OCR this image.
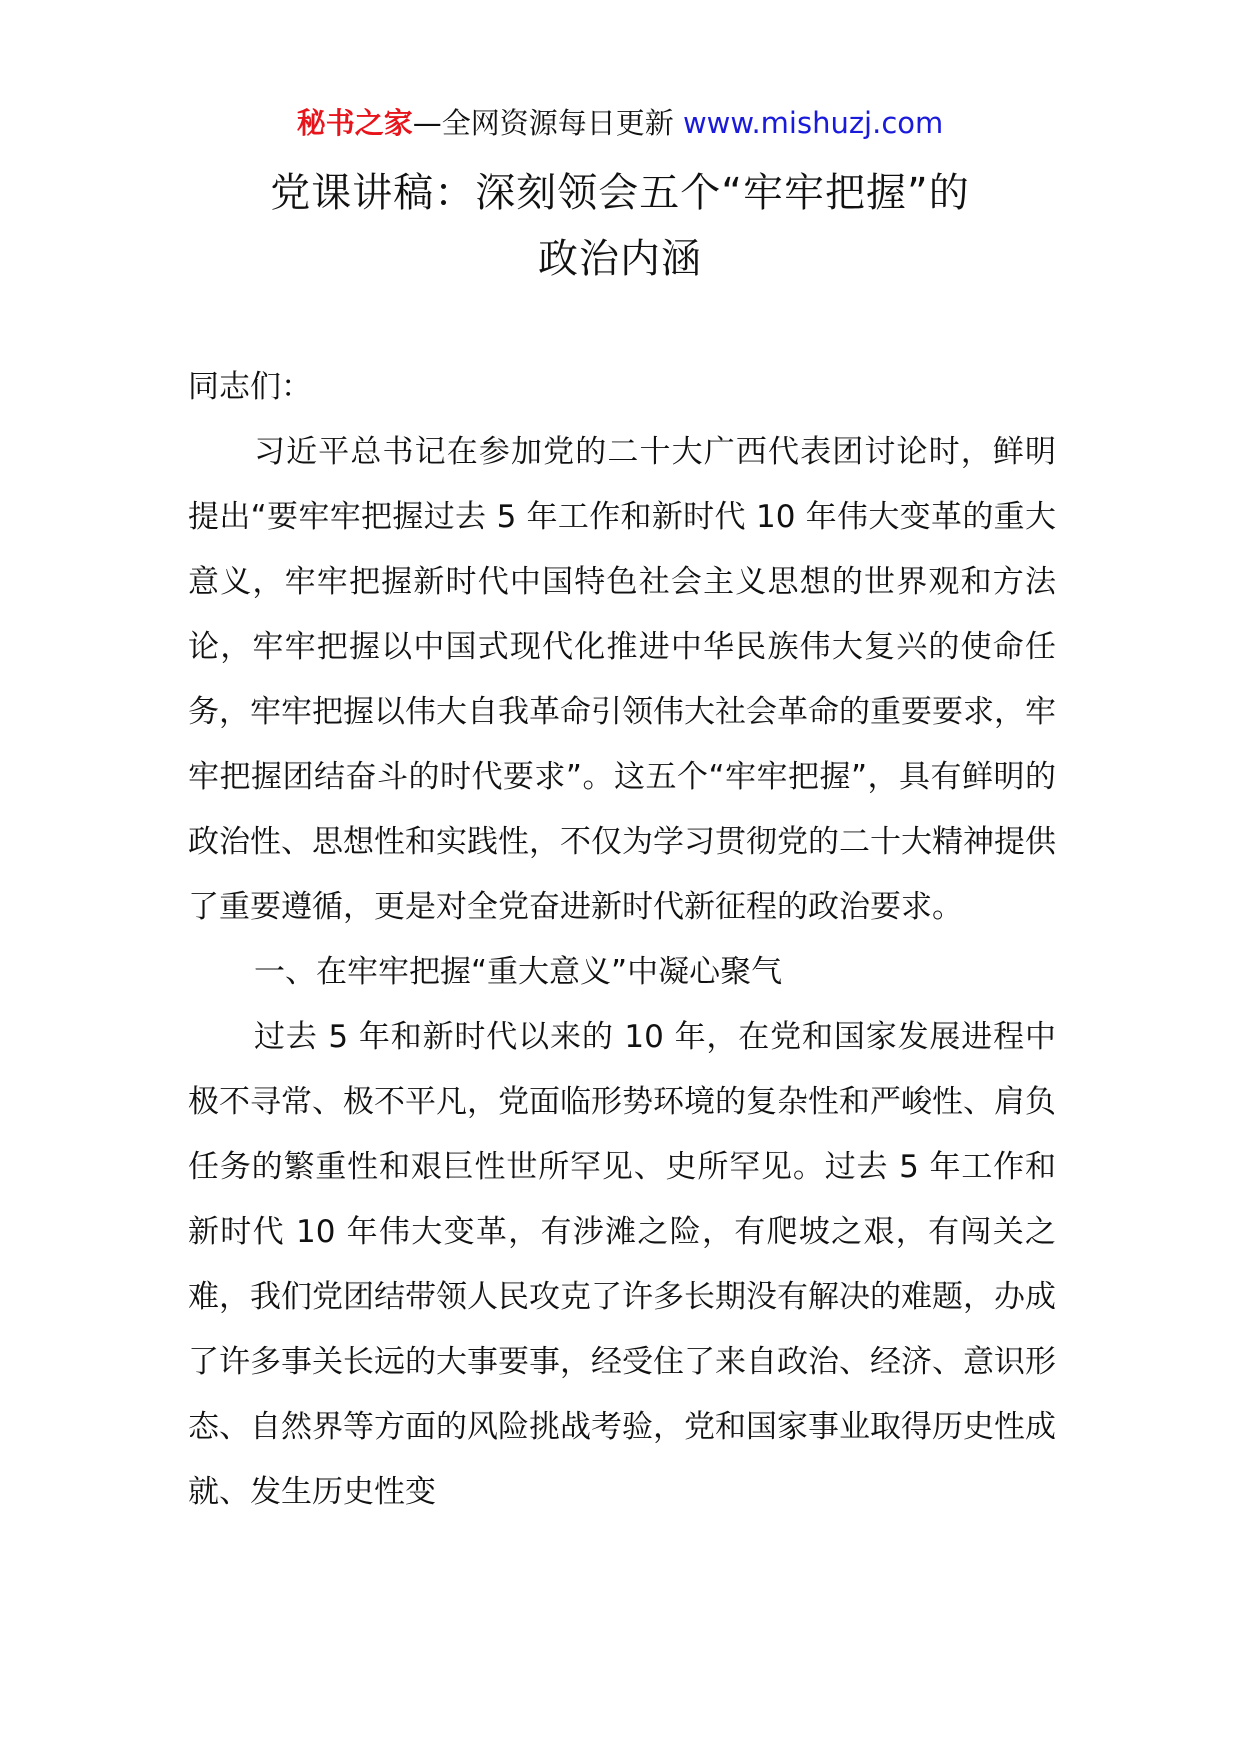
秘书之家—全网资源每日更新 www.mishuzj.com
党课讲稿：深刻领会五个“牢牢把握”的
政治内涵

同志们：

习近平总书记在参加党的二十大广西代表团讨论时，鲜明提出“要牢牢把握过去 5 年工作和新时代 10 年伟大变革的重大意义，牢牢把握新时代中国特色社会主义思想的世界观和方法论，牢牢把握以中国式现代化推进中华民族伟大复兴的使命任务，牢牢把握以伟大自我革命引领伟大社会革命的重要要求，牢牢把握团结奋斗的时代要求”。这五个“牢牢把握”，具有鲜明的政治性、思想性和实践性，不仅为学习贯彻党的二十大精神提供了重要遵循，更是对全党奋进新时代新征程的政治要求。

一、在牢牢把握“重大意义”中凝心聚气

过去 5 年和新时代以来的 10 年，在党和国家发展进程中极不寻常、极不平凡，党面临形势环境的复杂性和严峻性、肩负任务的繁重性和艰巨性世所罕见、史所罕见。过去 5 年工作和新时代 10 年伟大变革，有涉滩之险，有爬坡之艰，有闯关之难，我们党团结带领人民攻克了许多长期没有解决的难题，办成了许多事关长远的大事要事，经受住了来自政治、经济、意识形态、自然界等方面的风险挑战考验，党和国家事业取得历史性成就、发生历史性变
